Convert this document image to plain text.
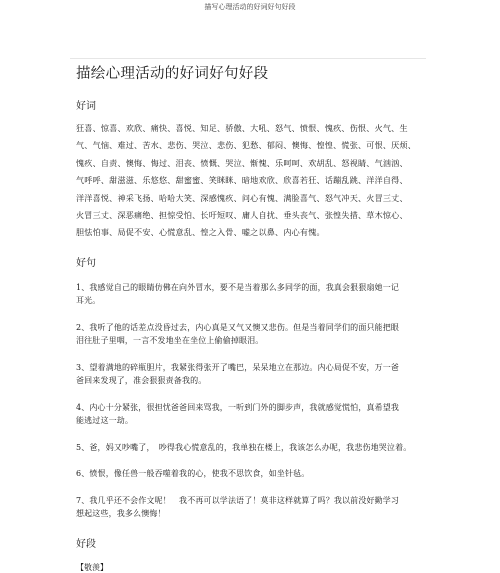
描写心理活动的好词好句好段
描绘心理活动的好词好句好段
好词
狂喜、惊喜、欢欣、痛快、喜悦、知足、骄傲、大吼、怒气、愤恨、愧疚、伤恨、火气、生
气、气恼、难过、苦水、悲伤、哭泣、悲伤、犯愁、郁闷、懊悔、惶惶、慌张、可恨、厌烦、
愧疚、自责、懊悔、悔过、泪丧、愤慨、哭泣、惭愧、乐呵呵、欢胡乱、怒视睛、气汹汹、
气呼呼、甜滋滋、乐悠悠、甜蜜蜜、笑眯眯、暗地欢欣、欣喜若狂、话蹦乱跳、洋洋自得、
洋洋喜悦、神采飞扬、哈哈大笑、深感愧疚、问心有愧、满脸喜气、怒气冲天、火冒三丈、
火冒三丈、深恶痛绝、担惊受怕、长吁短叹、庸人自扰、垂头丧气、张惶失措、草木惊心、
胆怯怕事、局促不安、心慌意乱、惶之入骨、嘘之以鼻、内心有愧。
好句
1、我感觉自己的眼睛仿佛在向外冒水，要不是当着那么多同学的面，我真会狠狠扇她一记
耳光。
2、我听了他的话差点没昏过去，内心真是又气又懊又悲伤。但是当着同学们的面只能把眼
泪往肚子里咽，一言不发地坐在坐位上偷偷掉眼泪。
3、望着满地的碎瓶胆片，我紧张得张开了嘴巴，呆呆地立在那边。内心局促不安，万一爸
爸回来发现了，准会狠狠责备我的。
4、内心十分紧张，很担忧爸爸回来骂我，一听到门外的脚步声，我就感觉慌怕，真希望我
能逃过这一劫。
5、爸，妈又吵嘴了，　吵得我心慌意乱的，我单独在楼上，我该怎么办呢，我悲伤地哭泣着。
6、愤恨，像任兽一般吞噬着我的心，使我不思饮食，如坐针毡。
7、我几乎还不会作文呢！　我不再可以学法语了！莫非这样就算了吗？我以前没好勤学习
想起这些，我多么懊悔！
好段
【敬羡】
